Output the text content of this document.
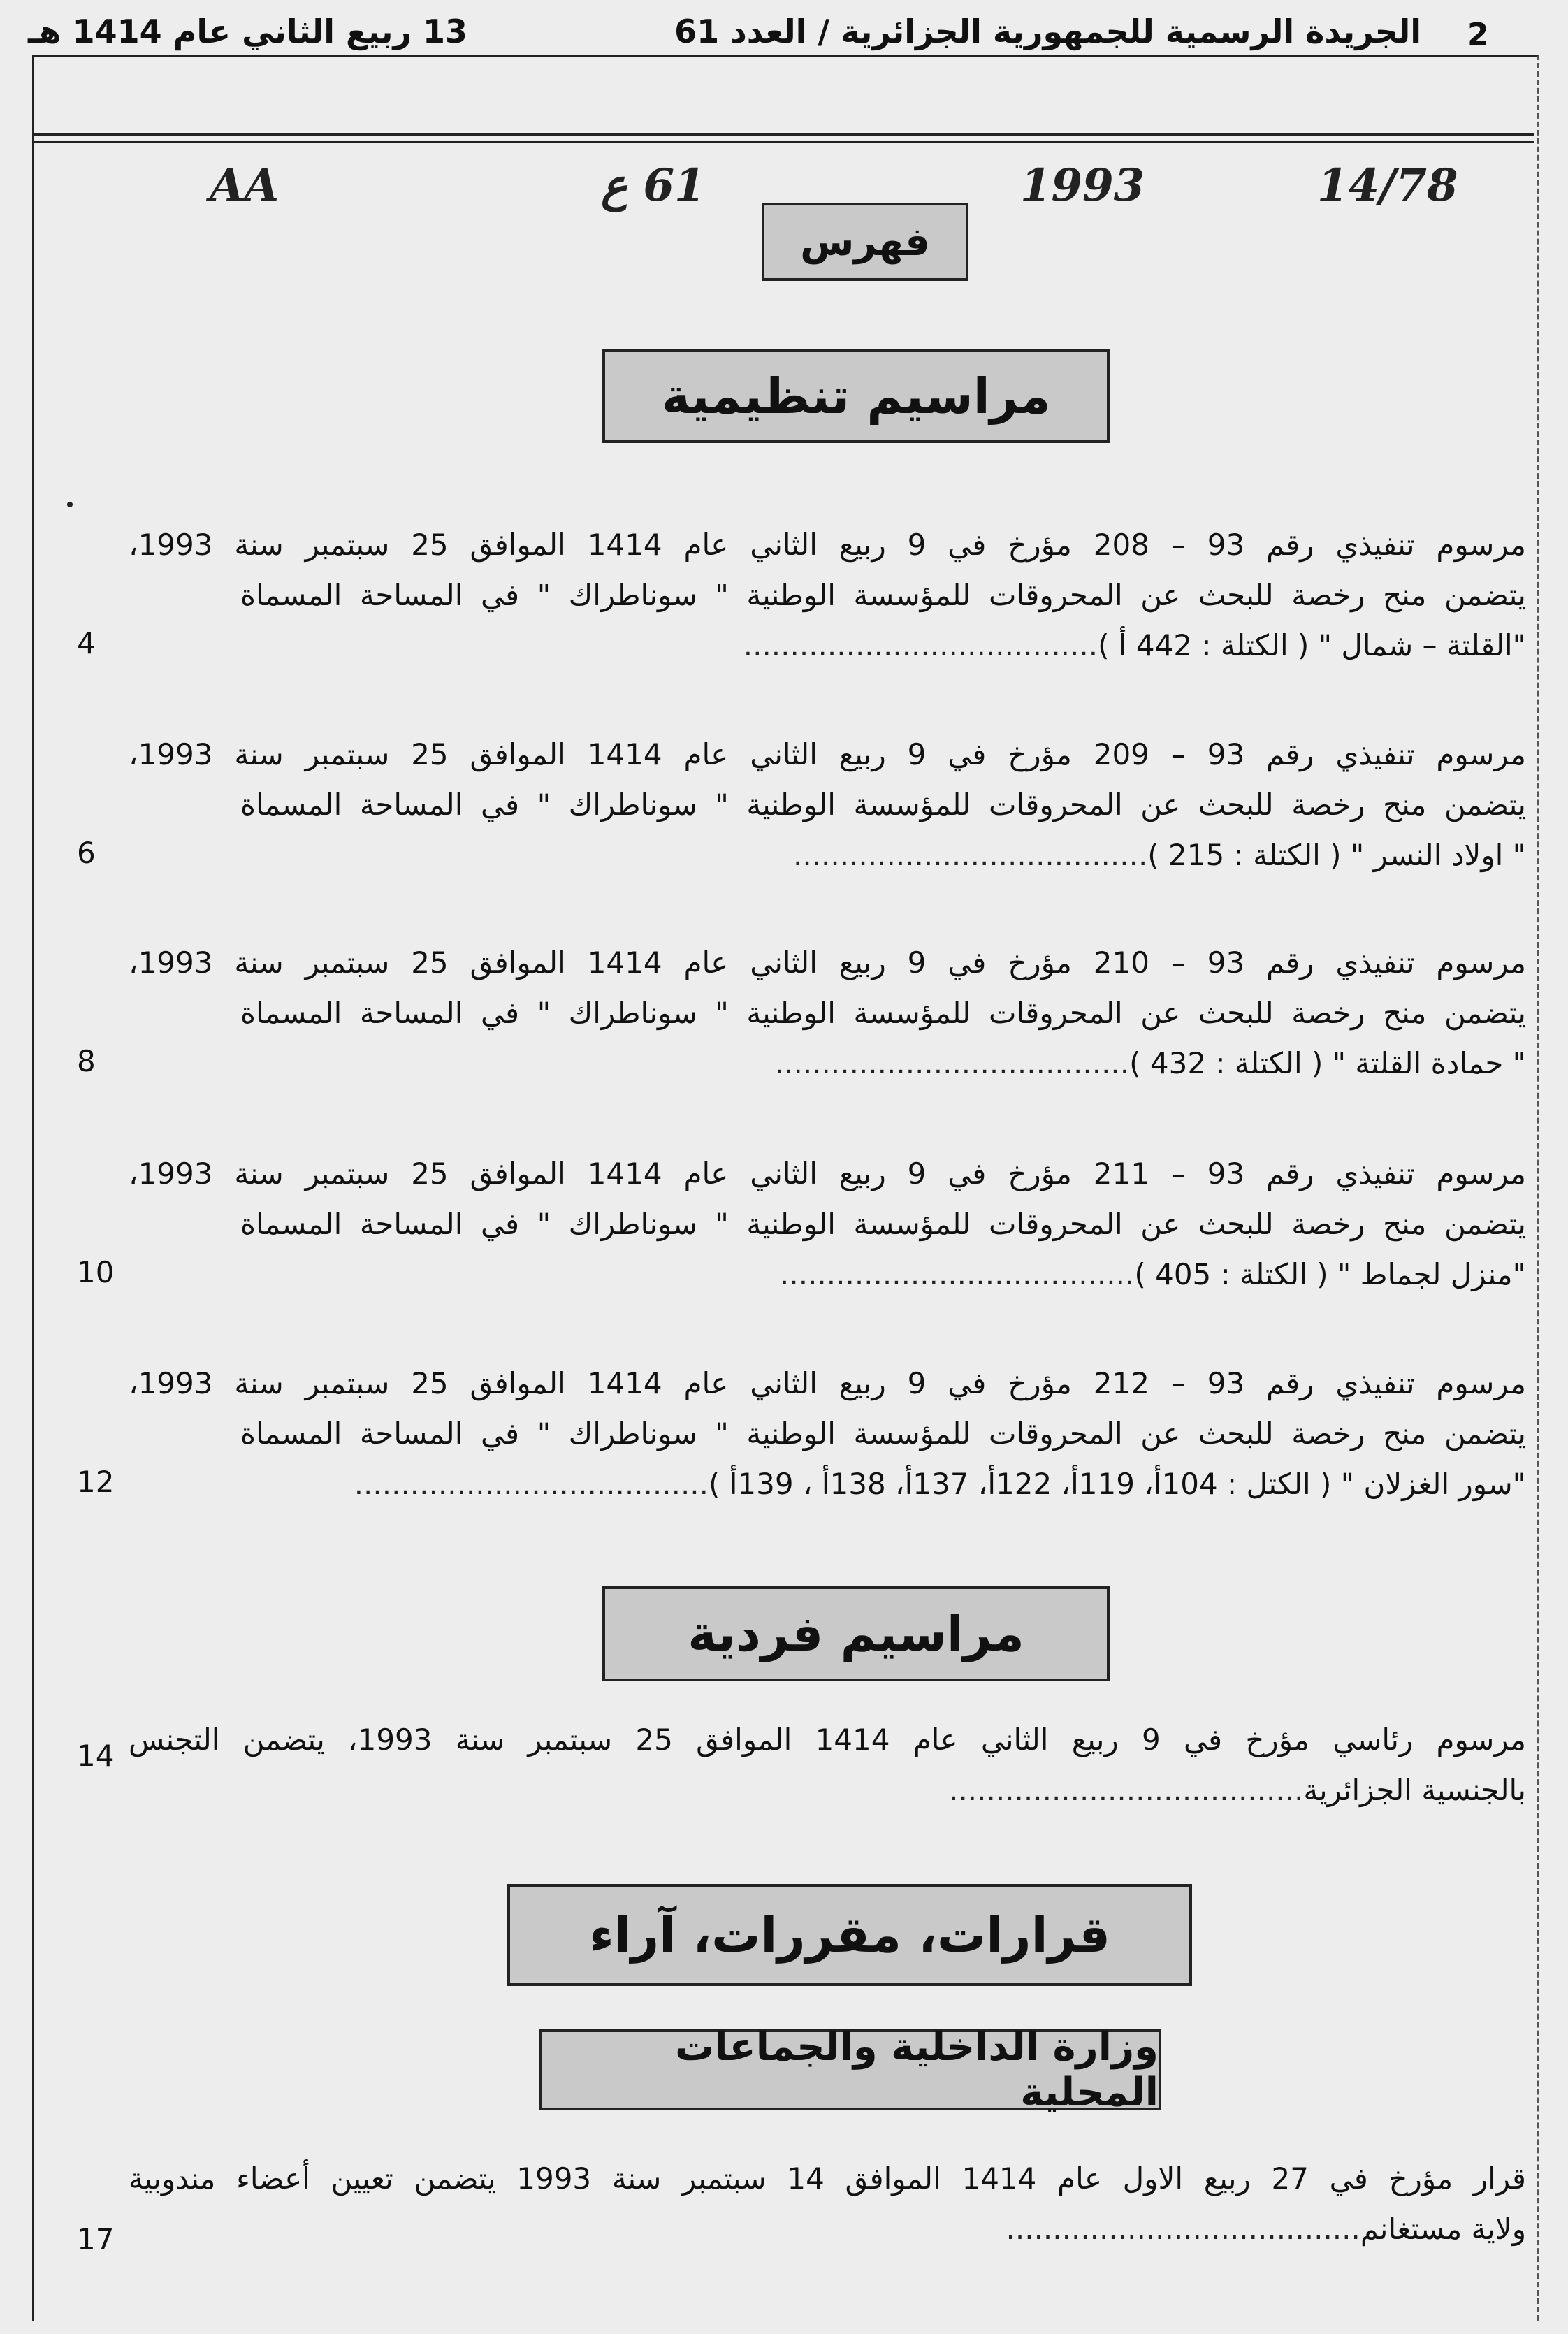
2
الجريدة الرسمية للجمهورية الجزائرية / العدد 61
13 ربيع الثاني عام 1414 هـ
AA	61 ع	1993	14/78
فهرس
مراسيم تنظيمية
مرسوم تنفيذي رقم 93 – 208 مؤرخ في 9 ربيع الثاني عام 1414 الموافق 25 سبتمبر سنة 1993،
يتضمن منح رخصة للبحث عن المحروقات للمؤسسة الوطنية " سوناطراك " في المساحة المسماة
"القلتة – شمال " ( الكتلة : 442 أ )......................................
4
مرسوم تنفيذي رقم 93 – 209 مؤرخ في 9 ربيع الثاني عام 1414 الموافق 25 سبتمبر سنة 1993،
يتضمن منح رخصة للبحث عن المحروقات للمؤسسة الوطنية " سوناطراك " في المساحة المسماة
" اولاد النسر " ( الكتلة : 215 )......................................
6
مرسوم تنفيذي رقم 93 – 210 مؤرخ في 9 ربيع الثاني عام 1414 الموافق 25 سبتمبر سنة 1993،
يتضمن منح رخصة للبحث عن المحروقات للمؤسسة الوطنية " سوناطراك " في المساحة المسماة
" حمادة القلتة " ( الكتلة : 432 )......................................
8
مرسوم تنفيذي رقم 93 – 211 مؤرخ في 9 ربيع الثاني عام 1414 الموافق 25 سبتمبر سنة 1993،
يتضمن منح رخصة للبحث عن المحروقات للمؤسسة الوطنية " سوناطراك " في المساحة المسماة
"منزل لجماط " ( الكتلة : 405 )......................................
10
مرسوم تنفيذي رقم 93 – 212 مؤرخ في 9 ربيع الثاني عام 1414 الموافق 25 سبتمبر سنة 1993،
يتضمن منح رخصة للبحث عن المحروقات للمؤسسة الوطنية " سوناطراك " في المساحة المسماة
"سور الغزلان " ( الكتل : 104أ، 119أ، 122أ، 137أ، 138أ ، 139أ )......................................
12
مراسيم فردية
مرسوم رئاسي مؤرخ في 9 ربيع الثاني عام 1414 الموافق 25 سبتمبر سنة 1993، يتضمن التجنس
بالجنسية الجزائرية......................................
14
قرارات، مقررات، آراء
وزارة الداخلية والجماعات المحلية
قرار مؤرخ في 27 ربيع الاول عام 1414 الموافق 14 سبتمبر سنة 1993 يتضمن تعيين أعضاء مندوبية
ولاية مستغانم......................................
17
